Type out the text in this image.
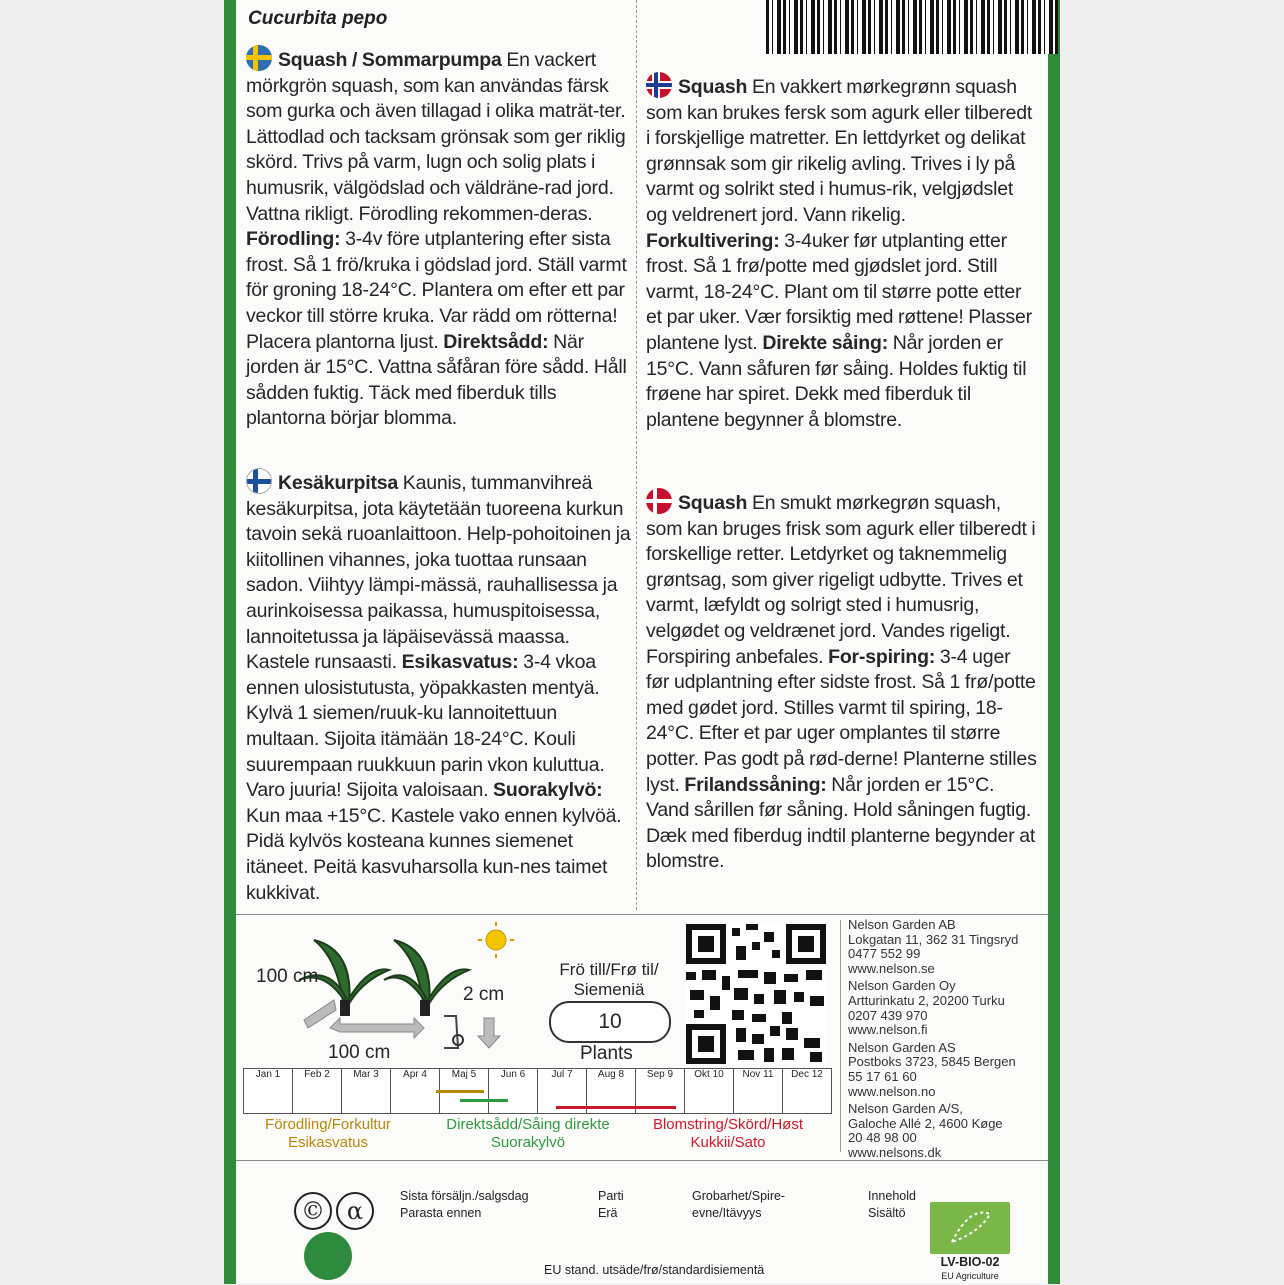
Cucurbita pepo
Squash / Sommarpumpa En vackert mörkgrön squash, som kan användas färsk som gurka och även tillagad i olika maträt-ter. Lättodlad och tacksam grönsak som ger riklig skörd. Trivs på varm, lugn och solig plats i humusrik, välgödslad och väldräne-rad jord. Vattna rikligt. Förodling rekommen-deras. Förodling: 3-4v före utplantering efter sista frost. Så 1 frö/kruka i gödslad jord. Ställ varmt för groning 18-24°C. Plantera om efter ett par veckor till större kruka. Var rädd om rötterna! Placera plantorna ljust. Direktsådd: När jorden är 15°C. Vattna såfåran före sådd. Håll sådden fuktig. Täck med fiberduk tills plantorna börjar blomma.
Squash En vakkert mørkegrønn squash som kan brukes fersk som agurk eller tilberedt i forskjellige matretter. En lettdyrket og delikat grønnsak som gir rikelig avling. Trives i ly på varmt og solrikt sted i humus-rik, velgjødslet og veldrenert jord. Vann rikelig. Forkultivering: 3-4uker før utplanting etter frost. Så 1 frø/potte med gjødslet jord. Still varmt, 18-24°C. Plant om til større potte etter et par uker. Vær forsiktig med røttene! Plasser plantene lyst. Direkte såing: Når jorden er 15°C. Vann såfuren før såing. Holdes fuktig til frøene har spiret. Dekk med fiberduk til plantene begynner å blomstre.
Kesäkurpitsa Kaunis, tummanvihreä kesäkurpitsa, jota käytetään tuoreena kurkun tavoin sekä ruoanlaittoon. Help-pohoitoinen ja kiitollinen vihannes, joka tuottaa runsaan sadon. Viihtyy lämpi-mässä, rauhallisessa ja aurinkoisessa paikassa, humuspitoisessa, lannoitetussa ja läpäisevässä maassa. Kastele runsaasti. Esikasvatus: 3-4 vkoa ennen ulosistutusta, yöpakkasten mentyä. Kylvä 1 siemen/ruuk-ku lannoitettuun multaan. Sijoita itämään 18-24°C. Kouli suurempaan ruukkuun parin vkon kuluttua. Varo juuria! Sijoita valoisaan. Suorakylvö: Kun maa +15°C. Kastele vako ennen kylvöä. Pidä kylvös kosteana kunnes siemenet itäneet. Peitä kasvuharsolla kun-nes taimet kukkivat.
Squash En smukt mørkegrøn squash, som kan bruges frisk som agurk eller tilberedt i forskellige retter. Letdyrket og taknemmelig grøntsag, som giver rigeligt udbytte. Trives et varmt, læfyldt og solrigt sted i humusrig, velgødet og veldrænet jord. Vandes rigeligt. Forspiring anbefales. For-spiring: 3-4 uger før udplantning efter sidste frost. Så 1 frø/potte med gødet jord. Stilles varmt til spiring, 18-24°C. Efter et par uger omplantes til større potter. Pas godt på rød-derne! Planterne stilles lyst. Frilandssåning: Når jorden er 15°C. Vand sårillen før såning. Hold såningen fugtig. Dæk med fiberdug indtil planterne begynder at blomstre.
100 cm
100 cm
2 cm
Frö till/Frø til/ Siemeniä
10
Plants

Nelson Garden AB

Lokgatan 11, 362 31 Tingsryd

0477 552 99

www.nelson.se

Nelson Garden Oy

Artturinkatu 2, 20200 Turku

0207 439 970

www.nelson.fi

Nelson Garden AS

Postboks 3723, 5845 Bergen

55 17 61 60

www.nelson.no

Nelson Garden A/S,

Galoche Allé 2, 4600 Køge

20 48 98 00

www.nelsons.dk

Jan 1	Feb 2	Mar 3	Apr 4	Maj 5	Jun 6	Jul 7	Aug 8	Sep 9	Okt 10	Nov 11	Dec 12
Förodling/Forkultur Esikasvatus
Direktsådd/Såing direkte Suorakylvö
Blomstring/Skörd/Høst Kukkii/Sato
© α
Sista försäljn./salgsdag Parasta ennen
Parti Erä
Grobarhet/Spire-evne/Itävyys
Innehold Sisältö
LV-BIO-02
EU Agriculture
EU stand. utsäde/frø/standardisiementä
